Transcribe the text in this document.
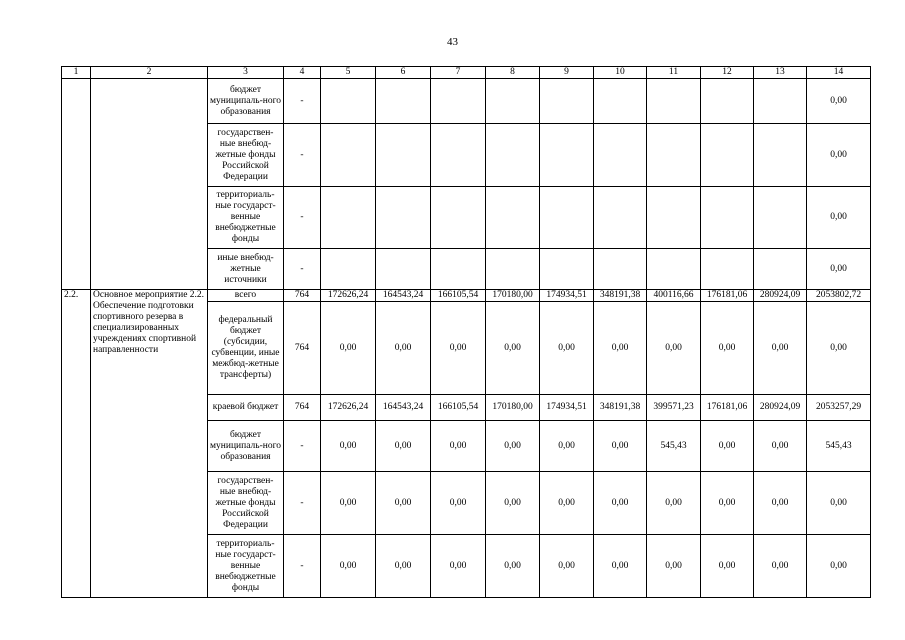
43
1	2	3	4	5	6	7	8	9	10	11	12	13	14
		бюджет муниципаль-ного образования	-										0,00
		государствен-ные внебюд-жетные фонды Российской Федерации	-										0,00
		территориаль-ные государст-венные внебюджетные фонды	-										0,00
		иные внебюд-жетные источники	-										0,00
2.2.	Основное мероприятие 2.2. Обеспечение подготовки спортивного резерва в специализированных учреждениях спортивной направленности	всего	764	172626,24	164543,24	166105,54	170180,00	174934,51	348191,38	400116,66	176181,06	280924,09	2053802,72
		федеральный бюджет (субсидии, субвенции, иные межбюд-жетные трансферты)	764	0,00	0,00	0,00	0,00	0,00	0,00	0,00	0,00	0,00	0,00
		краевой бюджет	764	172626,24	164543,24	166105,54	170180,00	174934,51	348191,38	399571,23	176181,06	280924,09	2053257,29
		бюджет муниципаль-ного образования	-	0,00	0,00	0,00	0,00	0,00	0,00	545,43	0,00	0,00	545,43
		государствен-ные внебюд-жетные фонды Российской Федерации	-	0,00	0,00	0,00	0,00	0,00	0,00	0,00	0,00	0,00	0,00
		территориаль-ные государст-венные внебюджетные фонды	-	0,00	0,00	0,00	0,00	0,00	0,00	0,00	0,00	0,00	0,00
